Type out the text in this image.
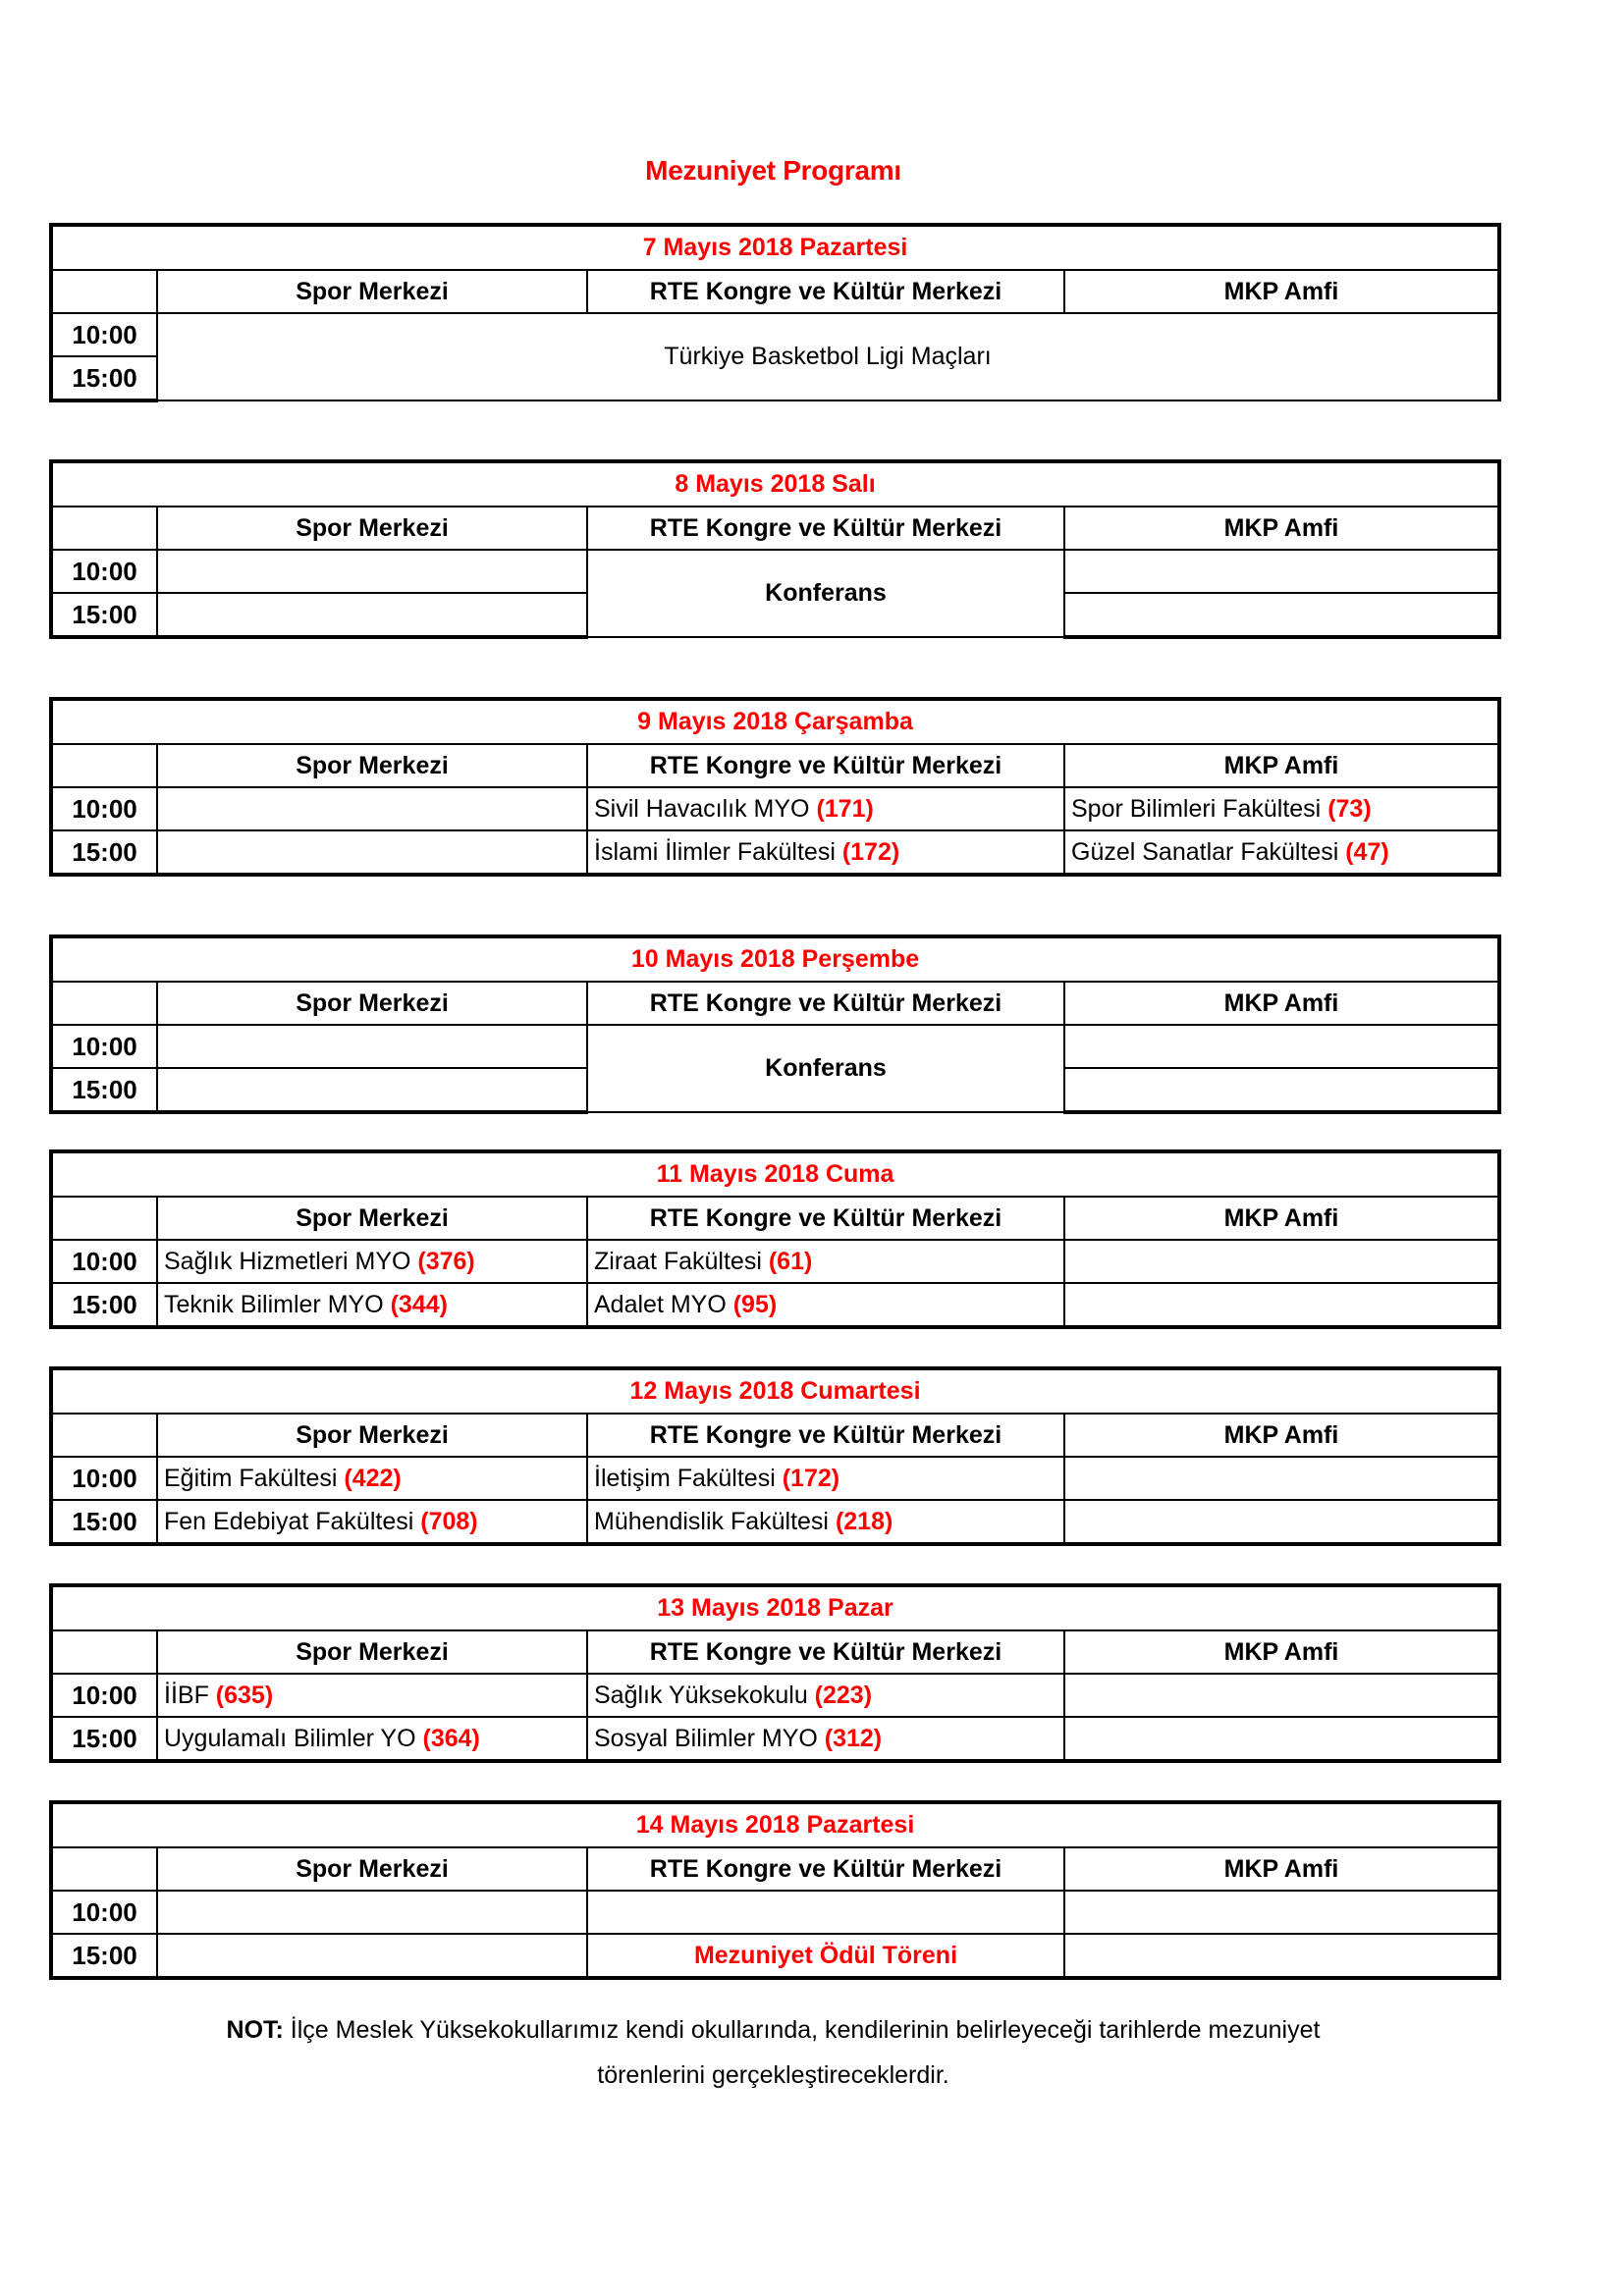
Mezuniyet Programı
7 Mayıs 2018 Pazartesi			
	Spor Merkezi	RTE Kongre ve Kültür Merkezi	MKP Amfi
10:00	Türkiye Basketbol Ligi Maçları		
15:00			
8 Mayıs 2018 Salı			
	Spor Merkezi	RTE Kongre ve Kültür Merkezi	MKP Amfi
10:00		Konferans	
15:00			
9 Mayıs 2018 Çarşamba			
	Spor Merkezi	RTE Kongre ve Kültür Merkezi	MKP Amfi
10:00		Sivil Havacılık MYO (171)	Spor Bilimleri Fakültesi (73)
15:00		İslami İlimler Fakültesi (172)	Güzel Sanatlar Fakültesi (47)
10 Mayıs 2018 Perşembe			
	Spor Merkezi	RTE Kongre ve Kültür Merkezi	MKP Amfi
10:00		Konferans	
15:00			
11 Mayıs 2018 Cuma			
	Spor Merkezi	RTE Kongre ve Kültür Merkezi	MKP Amfi
10:00	Sağlık Hizmetleri MYO (376)	Ziraat Fakültesi (61)	
15:00	Teknik Bilimler MYO (344)	Adalet MYO (95)	
12 Mayıs 2018 Cumartesi			
	Spor Merkezi	RTE Kongre ve Kültür Merkezi	MKP Amfi
10:00	Eğitim Fakültesi (422)	İletişim Fakültesi (172)	
15:00	Fen Edebiyat Fakültesi (708)	Mühendislik Fakültesi (218)	
13 Mayıs 2018 Pazar			
	Spor Merkezi	RTE Kongre ve Kültür Merkezi	MKP Amfi
10:00	İİBF (635)	Sağlık Yüksekokulu (223)	
15:00	Uygulamalı Bilimler YO (364)	Sosyal Bilimler MYO (312)	
14 Mayıs 2018 Pazartesi			
	Spor Merkezi	RTE Kongre ve Kültür Merkezi	MKP Amfi
10:00			
15:00		Mezuniyet Ödül Töreni	
NOT: İlçe Meslek Yüksekokullarımız kendi okullarında, kendilerinin belirleyeceği tarihlerde mezuniyet
törenlerini gerçekleştireceklerdir.
